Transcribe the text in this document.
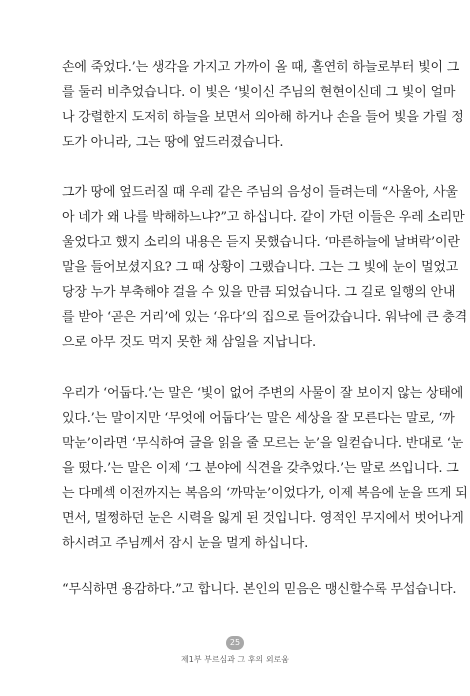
손에 죽었다.’는 생각을 가지고 가까이 올 때, 홀연히 하늘로부터 빛이 그
를 둘러 비추었습니다. 이 빛은 ‘빛이신 주님의 현현이신데 그 빛이 얼마
나 강렬한지 도저히 하늘을 보면서 의아해 하거나 손을 들어 빛을 가릴 정
도가 아니라, 그는 땅에 엎드러졌습니다.
그가 땅에 엎드러질 때 우레 같은 주님의 음성이 들려는데 “사울아, 사울
아 네가 왜 나를 박해하느냐?”고 하십니다. 같이 가던 이들은 우레 소리만
울었다고 했지 소리의 내용은 듣지 못했습니다. ‘마른하늘에 날벼락’이란
말을 들어보셨지요? 그 때 상황이 그랬습니다. 그는 그 빛에 눈이 멀었고
당장 누가 부축해야 걸을 수 있을 만큼 되었습니다. 그 길로 일행의 안내
를 받아 ‘곧은 거리’에 있는 ‘유다’의 집으로 들어갔습니다. 워낙에 큰 충격
으로 아무 것도 먹지 못한 채 삼일을 지납니다.
우리가 ‘어둡다.’는 말은 ‘빛이 없어 주변의 사물이 잘 보이지 않는 상태에
있다.’는 말이지만 ‘무엇에 어둡다’는 말은 세상을 잘 모른다는 말로, ‘까
막눈’이라면 ‘무식하여 글을 읽을 줄 모르는 눈’을 일컫습니다. 반대로 ‘눈
을 떴다.’는 말은 이제 ‘그 분야에 식견을 갖추었다.’는 말로 쓰입니다. 그
는 다메섹 이전까지는 복음의 ‘까막눈’이었다가, 이제 복음에 눈을 뜨게 되
면서, 멀쩡하던 눈은 시력을 잃게 된 것입니다. 영적인 무지에서 벗어나게
하시려고 주님께서 잠시 눈을 멀게 하십니다.
“무식하면 용감하다.”고 합니다. 본인의 믿음은 맹신할수록 무섭습니다.
25
제1부 부르심과 그 후의 외로움
